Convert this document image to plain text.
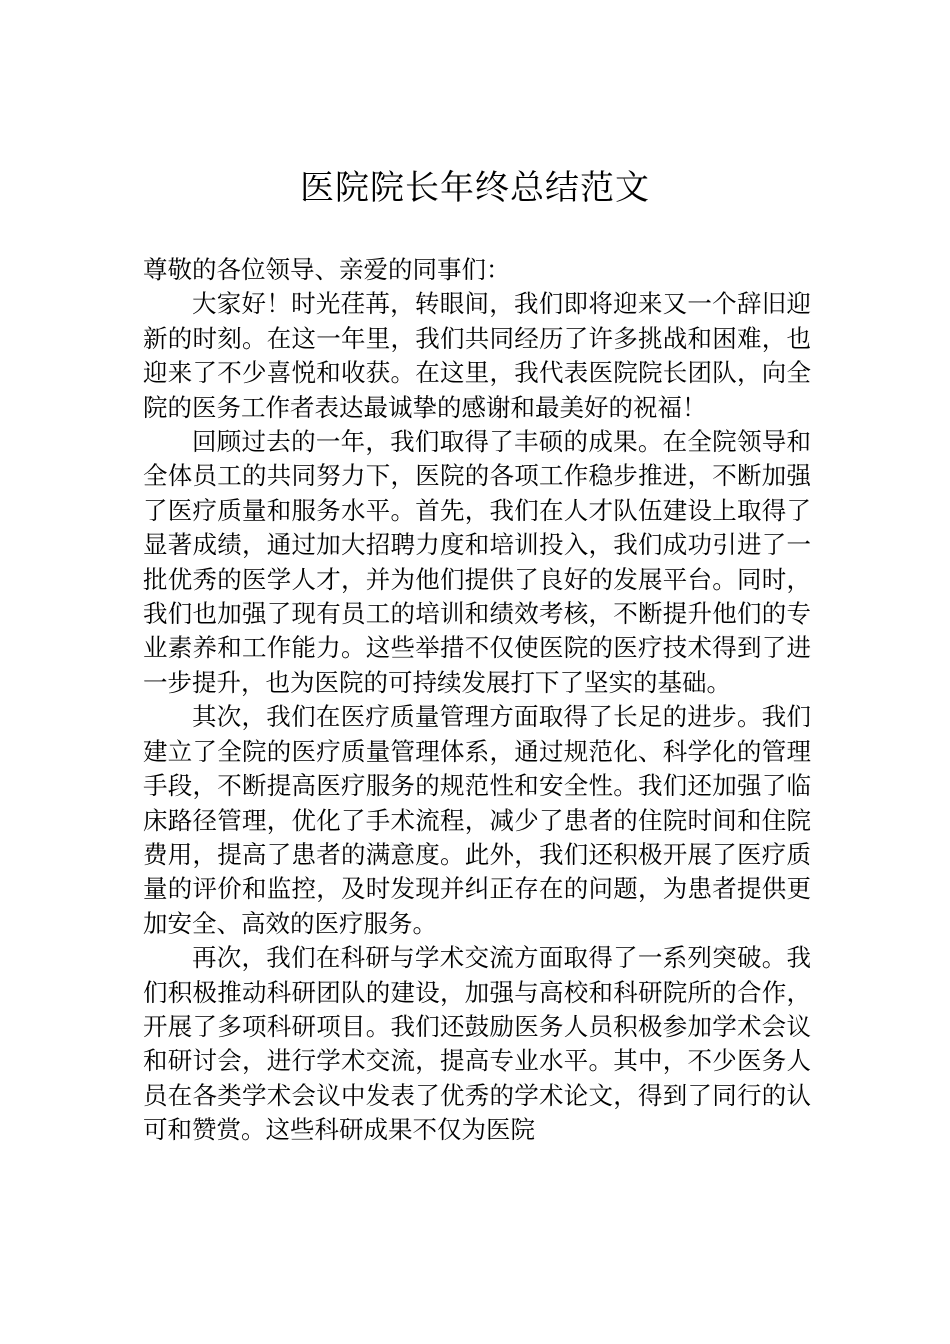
医院院长年终总结范文

尊敬的各位领导、亲爱的同事们：

大家好！时光荏苒，转眼间，我们即将迎来又一个辞旧迎新的时刻。在这一年里，我们共同经历了许多挑战和困难，也迎来了不少喜悦和收获。在这里，我代表医院院长团队，向全院的医务工作者表达最诚挚的感谢和最美好的祝福！

回顾过去的一年，我们取得了丰硕的成果。在全院领导和全体员工的共同努力下，医院的各项工作稳步推进，不断加强了医疗质量和服务水平。首先，我们在人才队伍建设上取得了显著成绩，通过加大招聘力度和培训投入，我们成功引进了一批优秀的医学人才，并为他们提供了良好的发展平台。同时，我们也加强了现有员工的培训和绩效考核，不断提升他们的专业素养和工作能力。这些举措不仅使医院的医疗技术得到了进一步提升，也为医院的可持续发展打下了坚实的基础。

其次，我们在医疗质量管理方面取得了长足的进步。我们建立了全院的医疗质量管理体系，通过规范化、科学化的管理手段，不断提高医疗服务的规范性和安全性。我们还加强了临床路径管理，优化了手术流程，减少了患者的住院时间和住院费用，提高了患者的满意度。此外，我们还积极开展了医疗质量的评价和监控，及时发现并纠正存在的问题，为患者提供更加安全、高效的医疗服务。

再次，我们在科研与学术交流方面取得了一系列突破。我们积极推动科研团队的建设，加强与高校和科研院所的合作，开展了多项科研项目。我们还鼓励医务人员积极参加学术会议和研讨会，进行学术交流，提高专业水平。其中，不少医务人员在各类学术会议中发表了优秀的学术论文，得到了同行的认可和赞赏。这些科研成果不仅为医院
